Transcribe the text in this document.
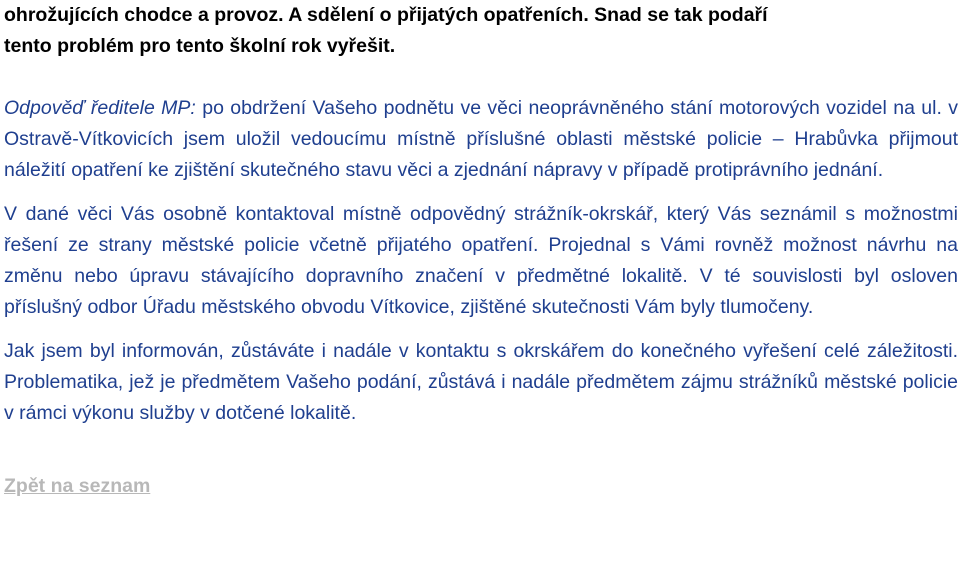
ohrožujících chodce a provoz. A sdělení o přijatých opatřeních. Snad se tak podaří
tento problém pro tento školní rok vyřešit.

Odpověď ředitele MP: po obdržení Vašeho podnětu ve věci neoprávněného stání motorových vozidel na ul. v Ostravě-Vítkovicích jsem uložil vedoucímu místně příslušné oblasti městské policie – Hrabůvka přijmout náležití opatření ke zjištění skutečného stavu věci a zjednání nápravy v případě protiprávního jednání.

V dané věci Vás osobně kontaktoval místně odpovědný strážník-okrskář, který Vás seznámil s možnostmi řešení ze strany městské policie včetně přijatého opatření. Projednal s Vámi rovněž možnost návrhu na změnu nebo úpravu stávajícího dopravního značení v předmětné lokalitě. V té souvislosti byl osloven příslušný odbor Úřadu městského obvodu Vítkovice, zjištěné skutečnosti Vám byly tlumočeny.

Jak jsem byl informován, zůstáváte i nadále v kontaktu s okrskářem do konečného vyřešení celé záležitosti. Problematika, jež je předmětem Vašeho podání, zůstává i nadále předmětem zájmu strážníků městské policie v rámci výkonu služby v dotčené lokalitě.

Zpět na seznam
